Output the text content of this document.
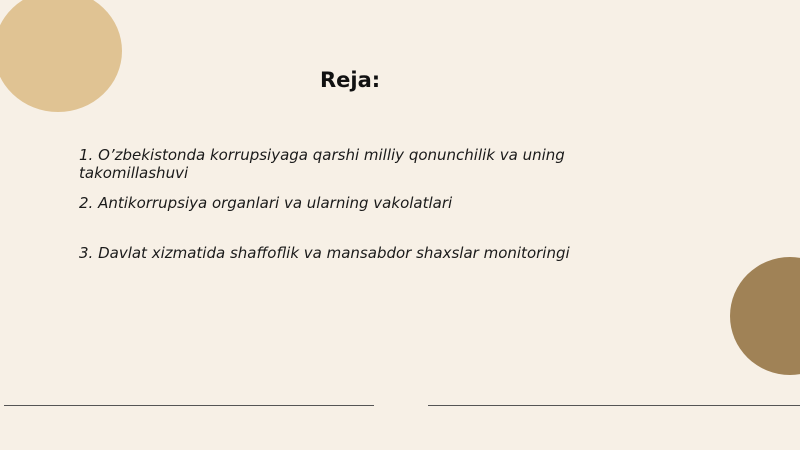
Reja:
1. O’zbekistonda korrupsiyaga qarshi milliy qonunchilik va uning takomillashuvi
2. Antikorrupsiya organlari va ularning vakolatlari
3. Davlat xizmatida shaffoflik va mansabdor shaxslar monitoringi
